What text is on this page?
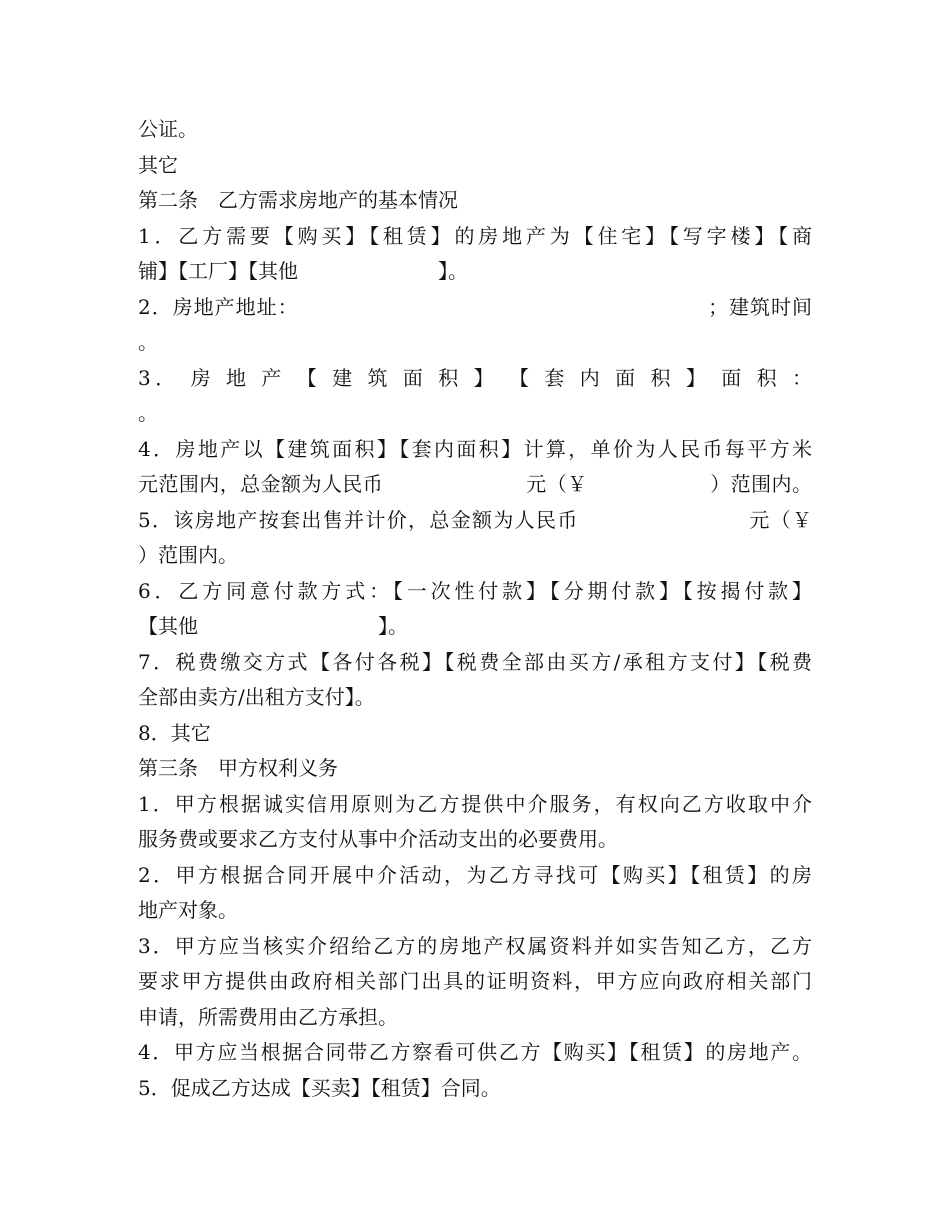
公证。
其它
第二条　乙方需求房地产的基本情况
1．乙方需要【购买】【租赁】的房地产为【住宅】【写字楼】【商
铺】【工厂】【其他　　　　　　　】。
2．房地产地址：　　　　　　　　　　　　　　　　　　　　；建筑时间
。
3． 房 地 产 【 建 筑 面 积 】 【 套 内 面 积 】 面 积 ：
。
4．房地产以【建筑面积】【套内面积】计算，单价为人民币每平方米
元范围内，总金额为人民币　　　　　　　元（￥　　　　　　）范围内。
5．该房地产按套出售并计价，总金额为人民币　　　　　　　　元（￥
）范围内。
6．乙方同意付款方式：【一次性付款】【分期付款】【按揭付款】
【其他　　　　　　　　　】。
7．税费缴交方式【各付各税】【税费全部由买方/承租方支付】【税费
全部由卖方/出租方支付】。
8．其它
第三条　甲方权利义务
1．甲方根据诚实信用原则为乙方提供中介服务，有权向乙方收取中介
服务费或要求乙方支付从事中介活动支出的必要费用。
2．甲方根据合同开展中介活动，为乙方寻找可【购买】【租赁】的房
地产对象。
3．甲方应当核实介绍给乙方的房地产权属资料并如实告知乙方，乙方
要求甲方提供由政府相关部门出具的证明资料，甲方应向政府相关部门
申请，所需费用由乙方承担。
4．甲方应当根据合同带乙方察看可供乙方【购买】【租赁】的房地产。
5．促成乙方达成【买卖】【租赁】合同。
